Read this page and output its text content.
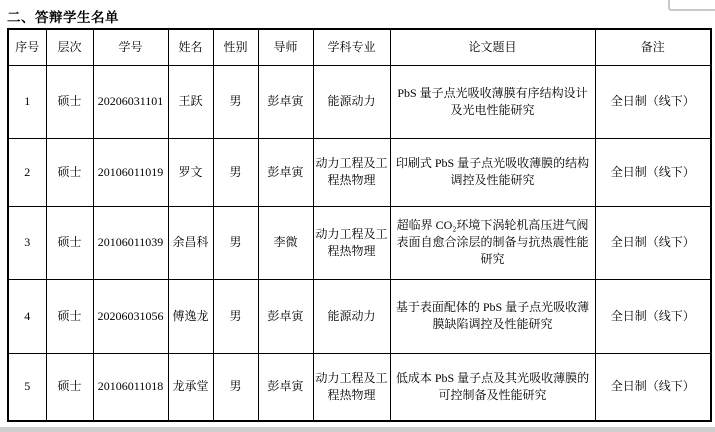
二、答辩学生名单
序号	层次	学号	姓名	性别	导师	学科专业	论文题目	备注
1	硕士	20206031101	王跃	男	彭卓寅	能源动力	PbS 量子点光吸收薄膜有序结构设计及光电性能研究	全日制（线下）
2	硕士	20106011019	罗文	男	彭卓寅	动力工程及工程热物理	印刷式 PbS 量子点光吸收薄膜的结构调控及性能研究	全日制（线下）
3	硕士	20106011039	余昌科	男	李微	动力工程及工程热物理	超临界 CO₂环境下涡轮机高压进气阀表面自愈合涂层的制备与抗热震性能研究	全日制（线下）
4	硕士	20206031056	傅逸龙	男	彭卓寅	能源动力	基于表面配体的 PbS 量子点光吸收薄膜缺陷调控及性能研究	全日制（线下）
5	硕士	20106011018	龙承堂	男	彭卓寅	动力工程及工程热物理	低成本 PbS 量子点及其光吸收薄膜的可控制备及性能研究	全日制（线下）
